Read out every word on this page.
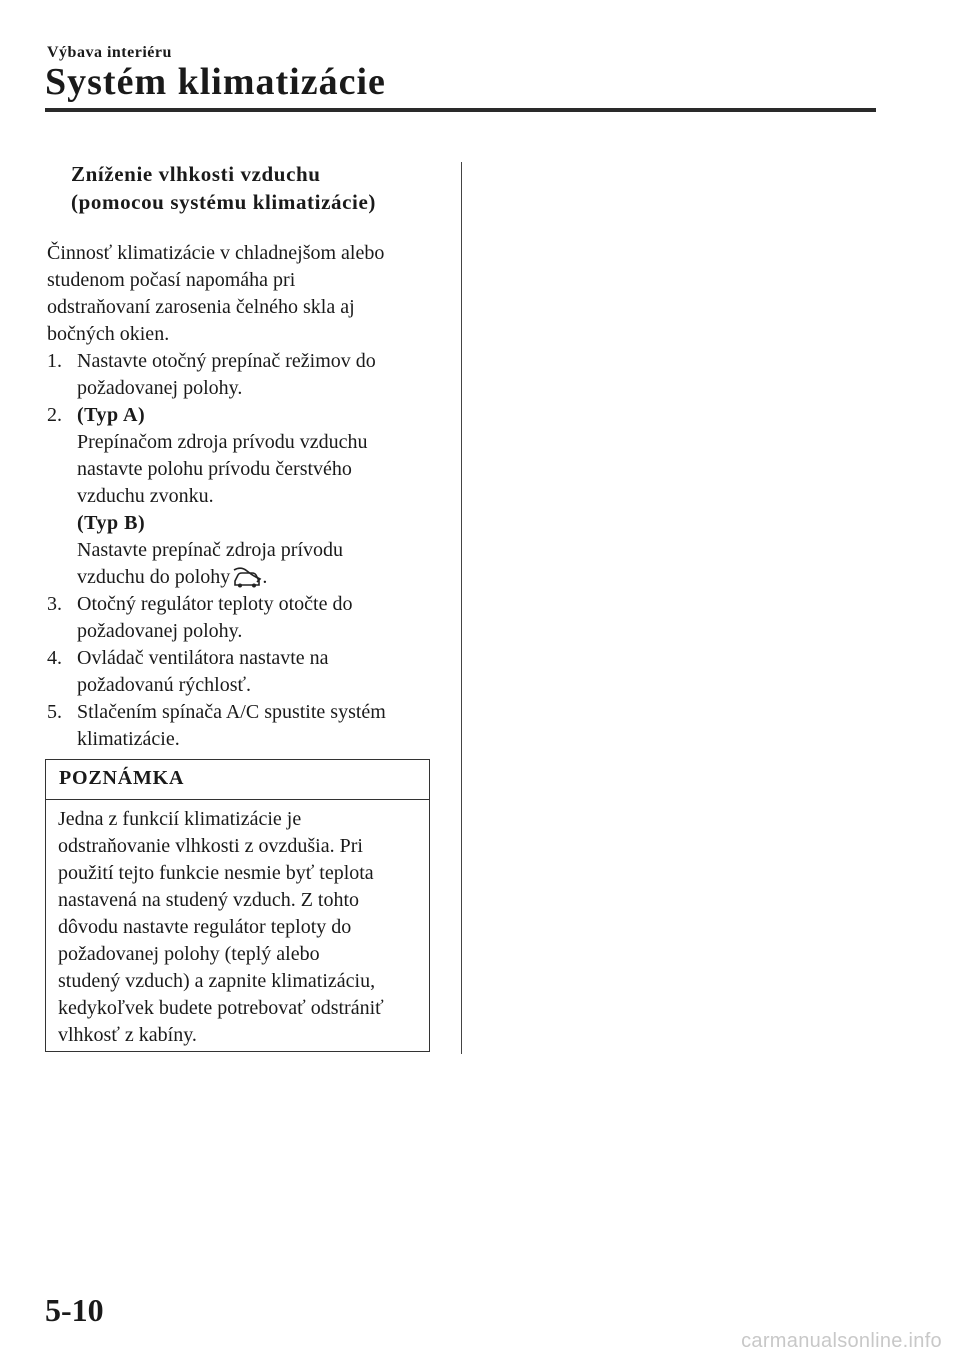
Výbava interiéru
Systém klimatizácie
Zníženie vlhkosti vzduchu
(pomocou systému klimatizácie)

Činnosť klimatizácie v chladnejšom alebo
studenom počasí napomáha pri
odstraňovaní zarosenia čelného skla aj
bočných okien.

1. Nastavte otočný prepínač režimov do
požadovanej polohy.
2. (Typ A)
Prepínačom zdroja prívodu vzduchu
nastavte polohu prívodu čerstvého
vzduchu zvonku.
(Typ B)
Nastavte prepínač zdroja prívodu
vzduchu do polohy .
3. Otočný regulátor teploty otočte do
požadovanej polohy.
4. Ovládač ventilátora nastavte na
požadovanú rýchlosť.
5. Stlačením spínača A/C spustite systém
klimatizácie.
POZNÁMKA
Jedna z funkcií klimatizácie je
odstraňovanie vlhkosti z ovzdušia. Pri
použití tejto funkcie nesmie byť teplota
nastavená na studený vzduch. Z tohto
dôvodu nastavte regulátor teploty do
požadovanej polohy (teplý alebo
studený vzduch) a zapnite klimatizáciu,
kedykoľvek budete potrebovať odstrániť
vlhkosť z kabíny.
5-10
carmanualsonline.info
